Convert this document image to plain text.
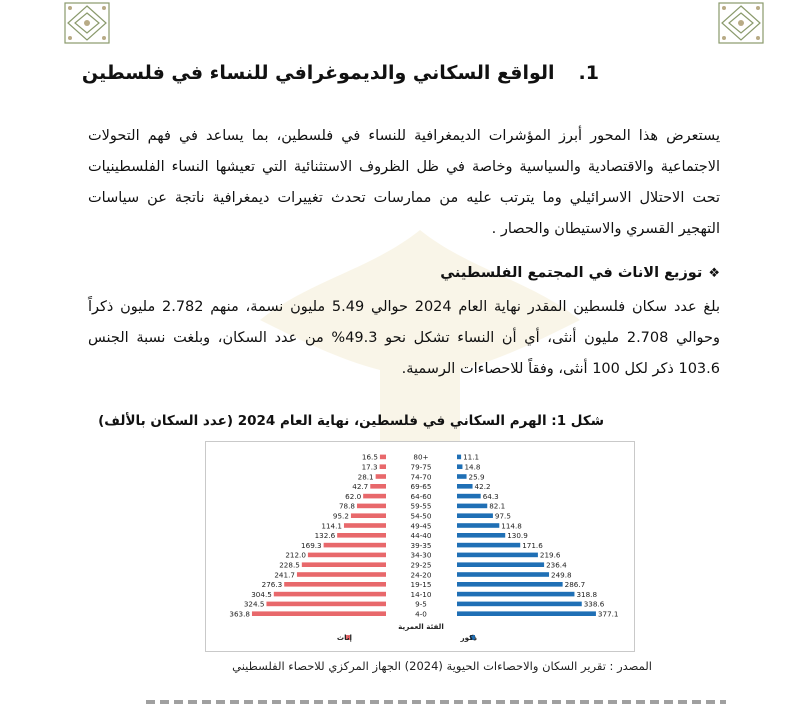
1.الواقع السكاني والديموغرافي للنساء في فلسطين

يستعرض هذا المحور أبرز المؤشرات الديمغرافية للنساء في فلسطين، بما يساعد في فهم التحولات الاجتماعية والاقتصادية والسياسية وخاصة في ظل الظروف الاستثنائية التي تعيشها النساء الفلسطينيات تحت الاحتلال الاسرائيلي وما يترتب عليه من ممارسات تحدث تغييرات ديمغرافية ناتجة عن سياسات التهجير القسري والاستيطان والحصار .

❖توزيع الاناث في المجتمع الفلسطيني

بلغ عدد سكان فلسطين المقدر نهاية العام 2024 حوالي 5.49 مليون نسمة، منهم 2.782 مليون ذكراً وحوالي 2.708 مليون أنثى، أي أن النساء تشكل نحو 49.3% من عدد السكان، وبلغت نسبة الجنس 103.6 ذكر لكل 100 أنثى، وفقاً للاحصاءات الرسمية.

شكل 1: الهرم السكاني في فلسطين، نهاية العام 2024 (عدد السكان بالألف)
80+
16.5	11.1
79-75
17.3	14.8
74-70
28.1	25.9
69-65
42.7	42.2
64-60
62.0	64.3
59-55
78.8	82.1
54-50
95.2	97.5
49-45
114.1	114.8
44-40
132.6	130.9
39-35
169.3	171.6
34-30
212.0	219.6
29-25
228.5	236.4
24-20
241.7	249.8
19-15
276.3	286.7
14-10
304.5	318.8
9-5
324.5	338.6
4-0
363.8	377.1
الفئة العمرية
إناث	ذكور
المصدر : تقرير السكان والاحصاءات الحيوية (2024) الجهاز المركزي للاحصاء الفلسطيني
